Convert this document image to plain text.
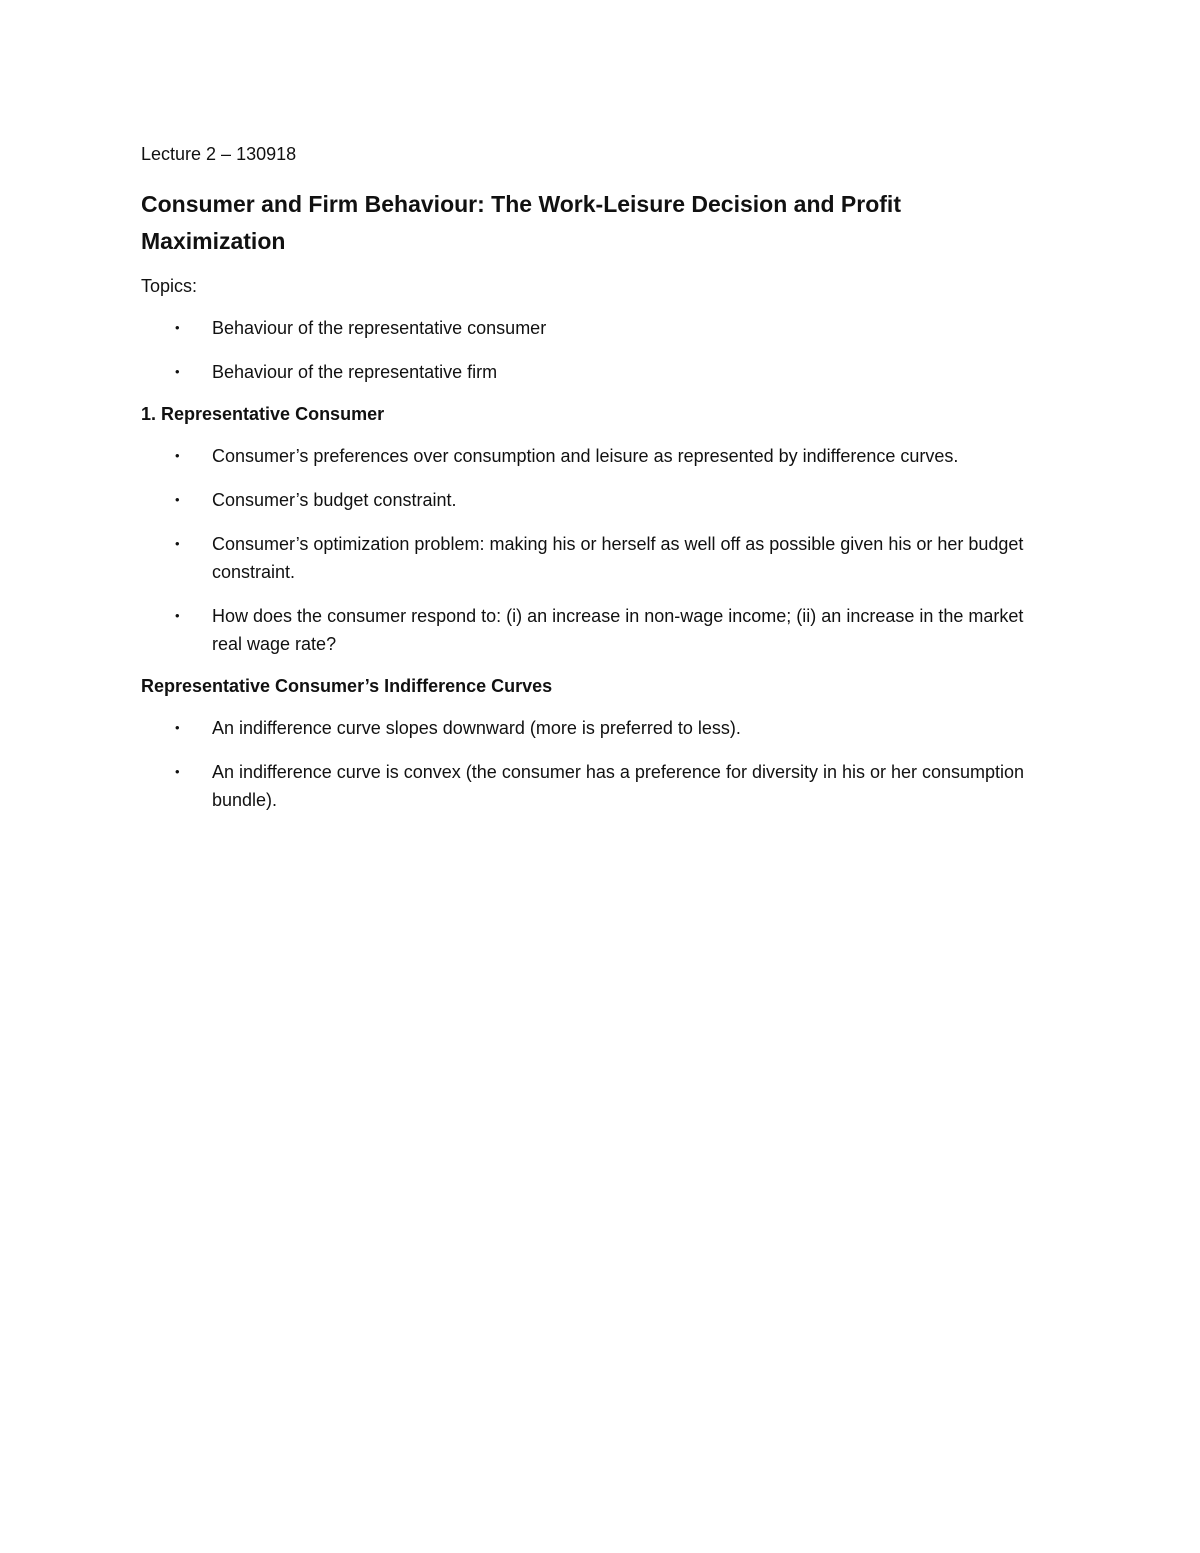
Lecture 2 – 130918
Consumer and Firm Behaviour: The Work-Leisure Decision and Profit Maximization
Topics:
• Behaviour of the representative consumer
• Behaviour of the representative firm
1. Representative Consumer
• Consumer’s preferences over consumption and leisure as represented by indifference curves.
• Consumer’s budget constraint.
• Consumer’s optimization problem: making his or herself as well off as possible given his or her budget constraint.
• How does the consumer respond to: (i) an increase in non-wage income; (ii) an increase in the market real wage rate?
Representative Consumer’s Indifference Curves
• An indifference curve slopes downward (more is preferred to less).
• An indifference curve is convex (the consumer has a preference for diversity in his or her consumption bundle).
